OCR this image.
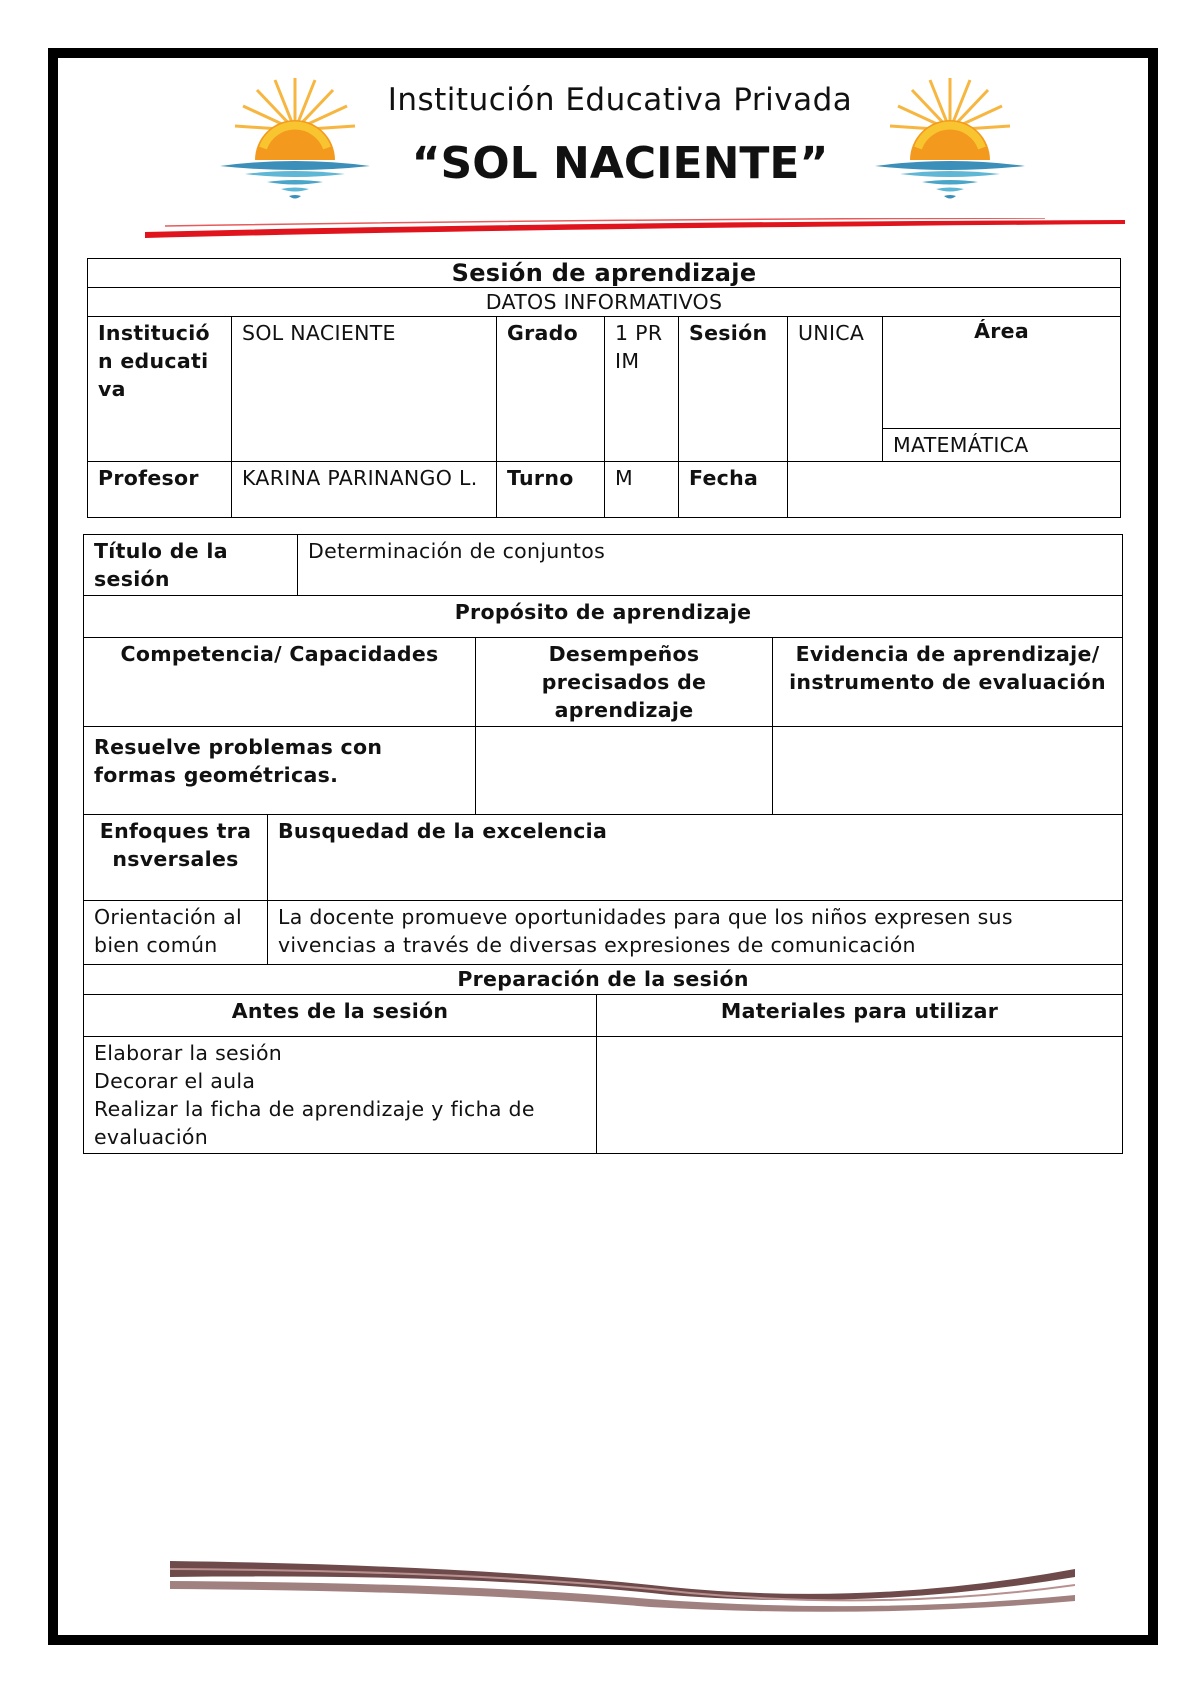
Institución Educativa Privada
“SOL NACIENTE”
Sesión de aprendizaje						
DATOS INFORMATIVOS						
Institución educativa	SOL NACIENTE	Grado	1 PRIM	Sesión	UNICA	Área
						MATEMÁTICA
Profesor	KARINA PARINANGO L.	Turno	M	Fecha		
Título de la sesión		Determinación de conjuntos			
Propósito de aprendizaje					
Competencia/ Capacidades			Desempeños precisados de aprendizaje		Evidencia de aprendizaje/ instrumento de evaluación
Resuelve problemas con formas geométricas.					
Enfoques transversales	Busquedad de la excelencia				
Orientación al bien común	La docente promueve oportunidades para que los niños expresen sus vivencias a través de diversas expresiones de comunicación				
Preparación de la sesión					
Antes de la sesión				Materiales para utilizar	

Elaborar la sesión
Decorar el aula
Realizar la ficha de aprendizaje y ficha de evaluación					
